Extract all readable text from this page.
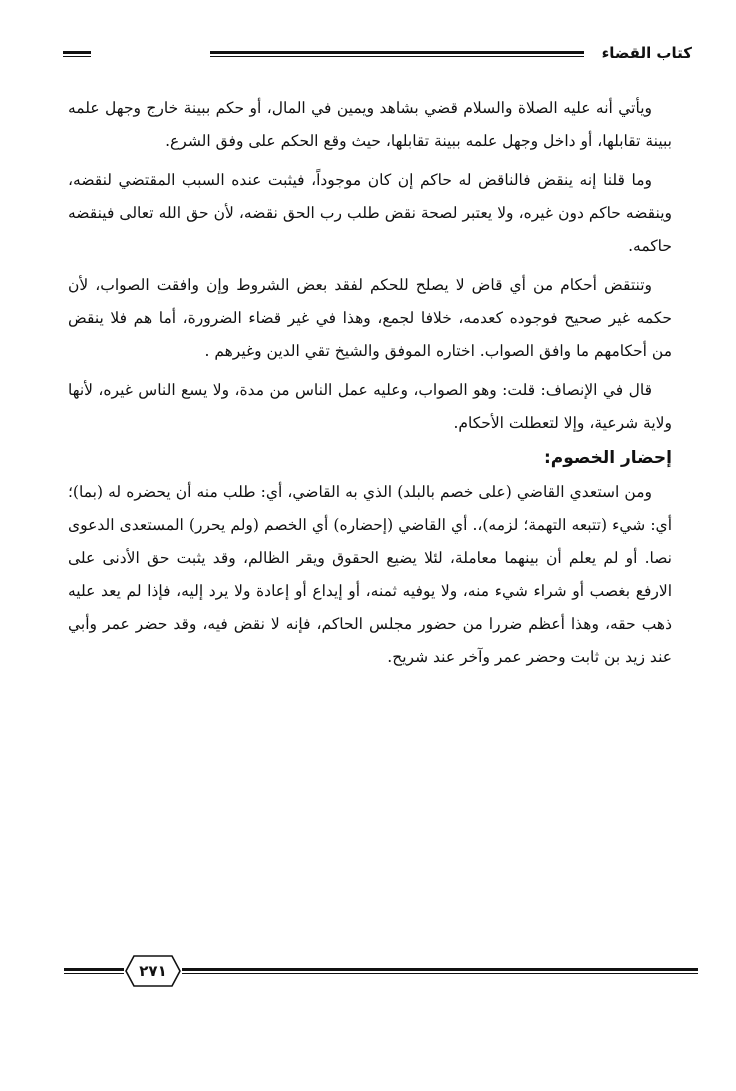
كتاب القضاء

ويأتي أنه عليه الصلاة والسلام قضي بشاهد ويمين في المال، أو حكم ببينة خارج وجهل علمه ببينة تقابلها، أو داخل وجهل علمه ببينة تقابلها، حيث وقع الحكم على وفق الشرع.

وما قلنا إنه ينقض فالناقض له حاكم إن كان موجوداً، فيثبت عنده السبب المقتضي لنقضه، وينقضه حاكم دون غيره، ولا يعتبر لصحة نقض طلب رب الحق نقضه، لأن حق الله تعالى فينقضه حاكمه.

وتنتقض أحكام من أي قاض لا يصلح للحكم لفقد بعض الشروط وإن وافقت الصواب، لأن حكمه غير صحيح فوجوده كعدمه، خلافا لجمع، وهذا في غير قضاء الضرورة، أما هم فلا ينقض من أحكامهم ما وافق الصواب. اختاره الموفق والشيخ تقي الدين وغيرهم .

قال في الإنصاف: قلت: وهو الصواب، وعليه عمل الناس من مدة، ولا يسع الناس غيره، لأنها ولاية شرعية، وإلا لتعطلت الأحكام.

إحضار الخصوم:

ومن استعدي القاضي (على خصم بالبلد) الذي به القاضي، أي: طلب منه أن يحضره له (بما)؛ أي: شيء (تتبعه التهمة؛ لزمه)،. أي القاضي (إحضاره) أي الخصم (ولم يحرر) المستعدى الدعوى نصا. أو لم يعلم أن بينهما معاملة، لئلا يضيع الحقوق ويقر الظالم، وقد يثبت حق الأدنى على الارفع بغصب أو شراء شيء منه، ولا يوفيه ثمنه، أو إيداع أو إعادة ولا يرد إليه، فإذا لم يعد عليه ذهب حقه، وهذا أعظم ضررا من حضور مجلس الحاكم، فإنه لا نقض فيه، وقد حضر عمر وأبي عند زيد بن ثابت وحضر عمر وآخر عند شريح.

٢٧١
